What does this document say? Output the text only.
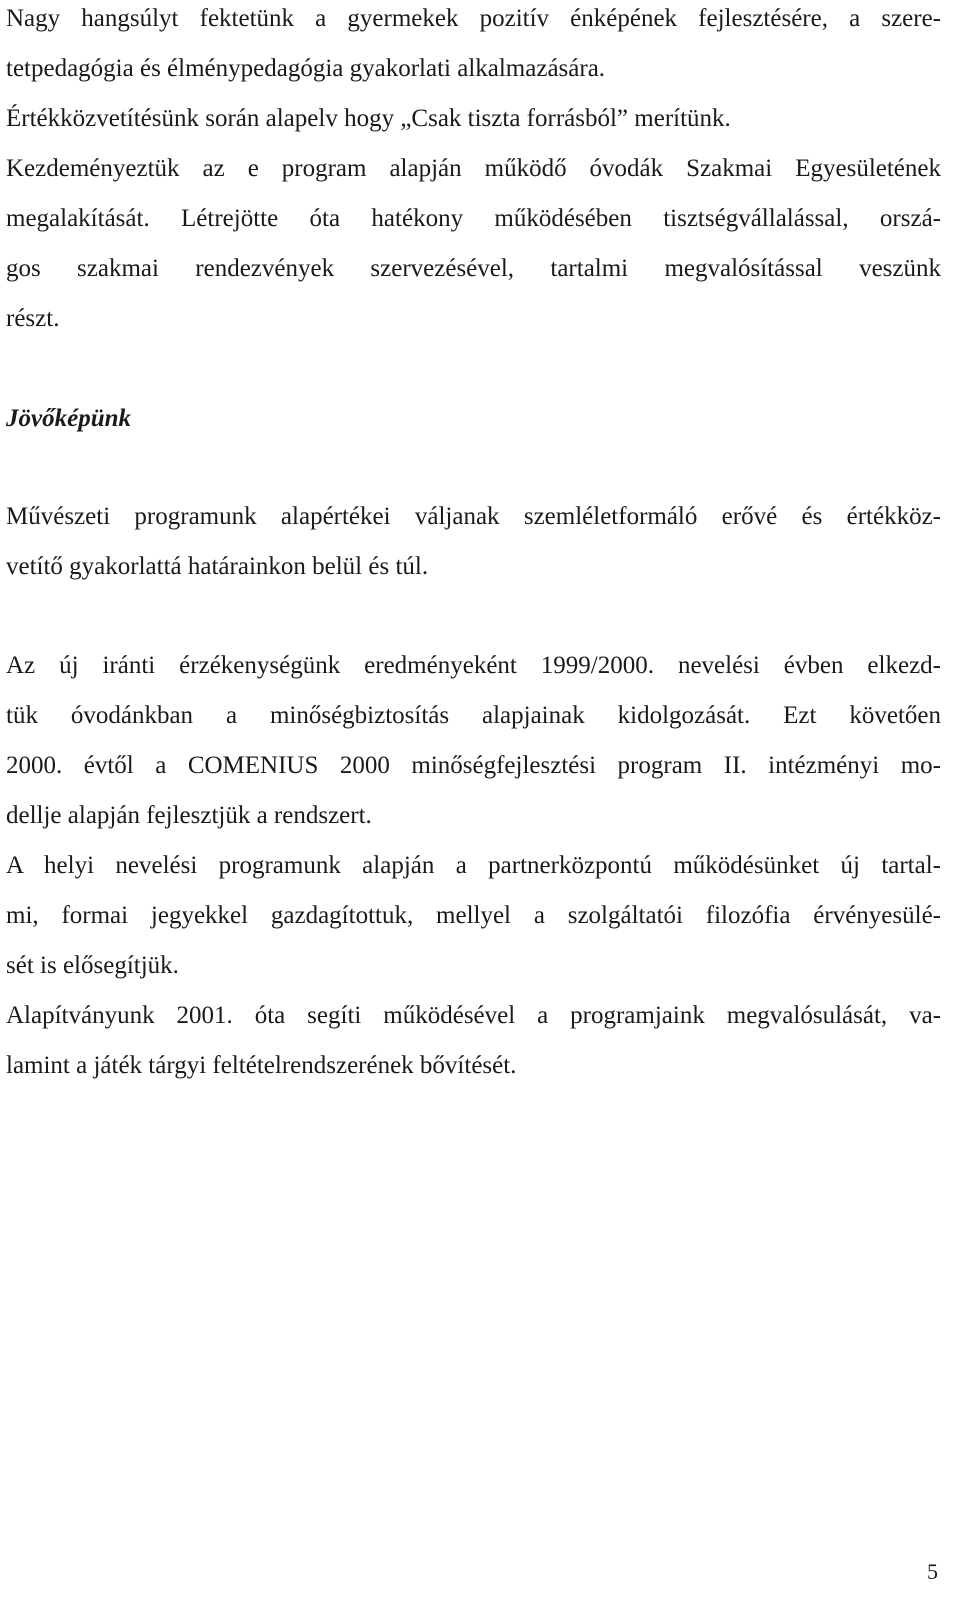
Nagy hangsúlyt fektetünk a gyermekek pozitív énképének fejlesztésére, a szere-
tetpedagógia és élménypedagógia gyakorlati alkalmazására.
Értékközvetítésünk során alapelv hogy „Csak tiszta forrásból” merítünk.
Kezdeményeztük az e program alapján működő óvodák Szakmai Egyesületének
megalakítását. Létrejötte óta hatékony működésében tisztségvállalással, orszá-
gos szakmai rendezvények szervezésével, tartalmi megvalósítással veszünk
részt.
Jövőképünk
Művészeti programunk alapértékei váljanak szemléletformáló erővé és értékköz-
vetítő gyakorlattá határainkon belül és túl.
Az új iránti érzékenységünk eredményeként 1999/2000. nevelési évben elkezd-
tük óvodánkban a minőségbiztosítás alapjainak kidolgozását. Ezt követően
2000. évtől a COMENIUS 2000 minőségfejlesztési program II. intézményi mo-
dellje alapján fejlesztjük a rendszert.
A helyi nevelési programunk alapján a partnerközpontú működésünket új tartal-
mi, formai jegyekkel gazdagítottuk, mellyel a szolgáltatói filozófia érvényesülé-
sét is elősegítjük.
Alapítványunk 2001. óta segíti működésével a programjaink megvalósulását, va-
lamint a játék tárgyi feltételrendszerének bővítését.
5
